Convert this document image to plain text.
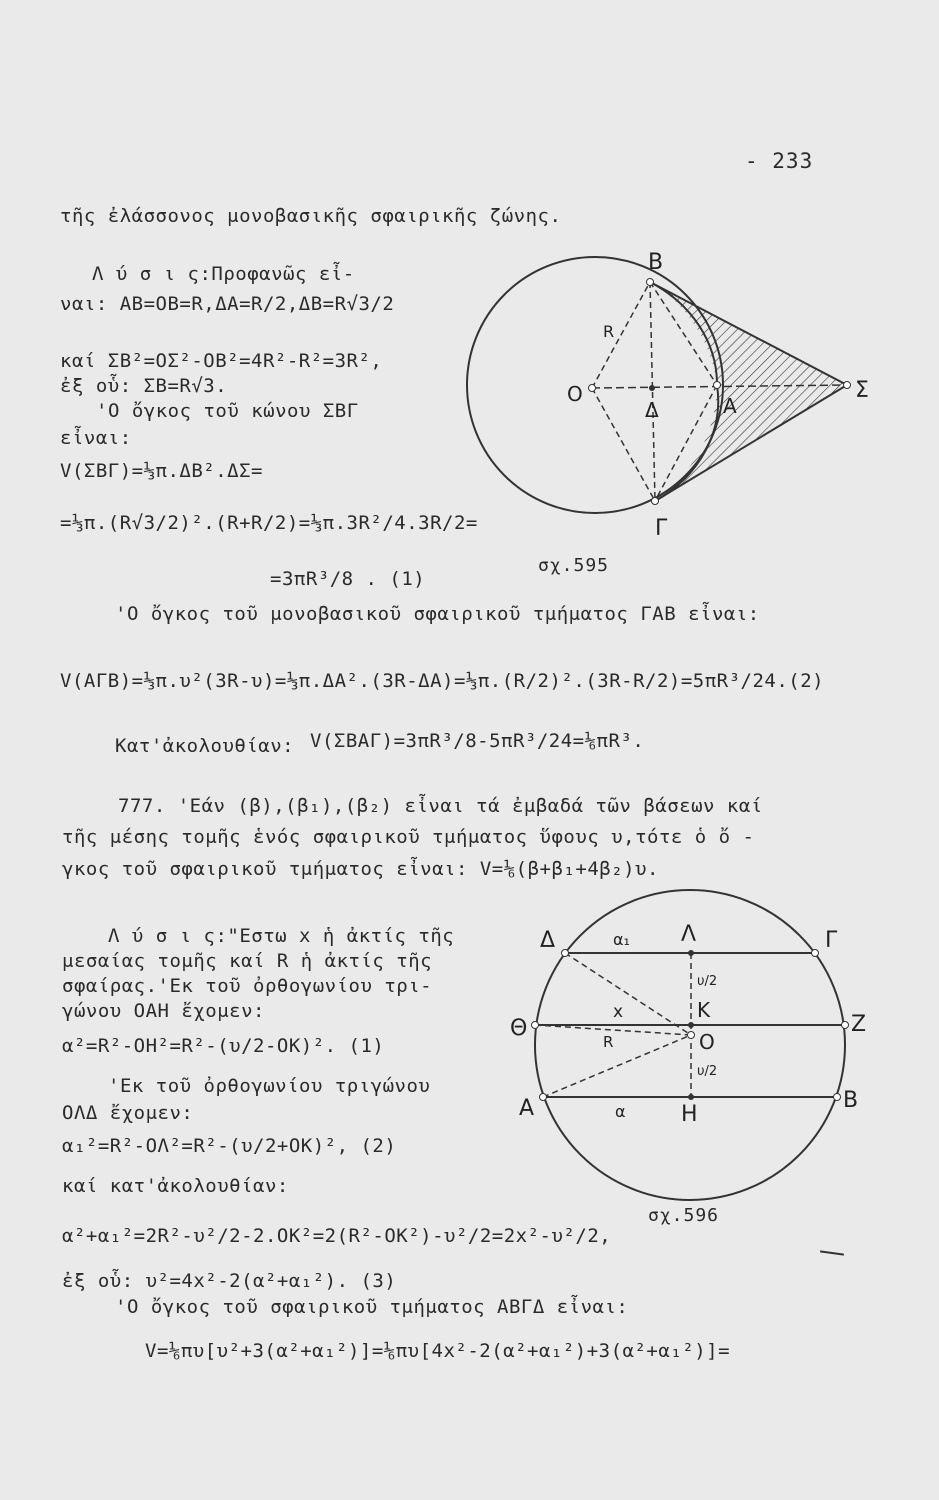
- 233
τῆς ἐλάσσονος μονοβασικῆς σφαιρικῆς ζώνης.
Λ ύ σ ι ς:Προφανῶς εἶ-
ναι: AB=OB=R,ΔA=R/2,ΔB=R√3/2
καί ΣB²=OΣ²-OB²=4R²-R²=3R²,
ἐξ οὗ: ΣB=R√3.
'Ο ὄγκος τοῦ κώνου ΣBΓ
εἶναι:
V(ΣBΓ)=⅓π.ΔB².ΔΣ=
=⅓π.(R√3/2)².(R+R/2)=⅓π.3R²/4.3R/2=
=3πR³/8 . (1)
'Ο ὄγκος τοῦ μονοβασικοῦ σφαιρικοῦ τμήματος ΓAB εἶναι:
V(AΓB)=⅓π.υ²(3R-υ)=⅓π.ΔA².(3R-ΔA)=⅓π.(R/2)².(3R-R/2)=5πR³/24.(2)
Κατ'ἀκολουθίαν: V(ΣBAΓ)=3πR³/8-5πR³/24=⅙πR³.
777. 'Εάν (β),(β₁),(β₂) εἶναι τά ἐμβαδά τῶν βάσεων καί
τῆς μέσης τομῆς ἑνός σφαιρικοῦ τμήματος ὕφους υ,τότε ὁ ὄ -
γκος τοῦ σφαιρικοῦ τμήματος εἶναι: V=⅙(β+β₁+4β₂)υ.
Λ ύ σ ι ς:"Εστω x ἡ ἀκτίς τῆς
μεσαίας τομῆς καί R ἡ ἀκτίς τῆς
σφαίρας.'Εκ τοῦ ὀρθογωνίου τρι-
γώνου OAH ἔχομεν:
α²=R²-OH²=R²-(υ/2-OK)². (1)
'Εκ τοῦ ὀρθογωνίου τριγώνου
OΛΔ ἔχομεν:
α₁²=R²-OΛ²=R²-(υ/2+OK)², (2)
καί κατ'ἀκολουθίαν:
α²+α₁²=2R²-υ²/2-2.OK²=2(R²-OK²)-υ²/2=2x²-υ²/2,
ἐξ οὗ: υ²=4x²-2(α²+α₁²). (3)
'Ο ὄγκος τοῦ σφαιρικοῦ τμήματος ABΓΔ εἶναι:
V=⅙πυ[υ²+3(α²+α₁²)]=⅙πυ[4x²-2(α²+α₁²)+3(α²+α₁²)]=
B
O
Δ	A
Σ
Γ
R
σχ.595
Δ	α₁ Λ	Γ
υ/2
K
x
Θ	Z
R	O
υ/2
A	α	H
B
σχ.596
